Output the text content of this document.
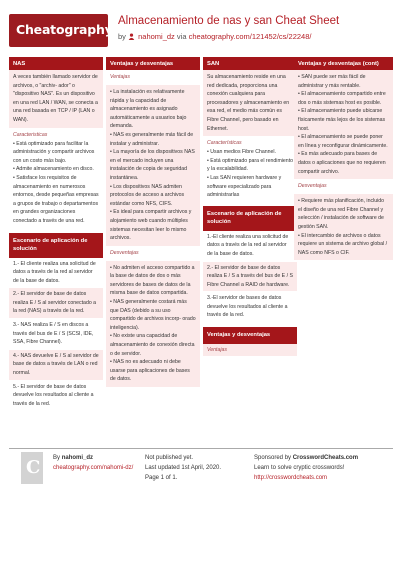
Cheatography
Almacenamiento de nas y san Cheat Sheet
by nahomi_dz via cheatography.com/121452/cs/22248/
NAS

A veces también llamado servidor de archivos, o "archiv- ador" o "dispositivo NAS". Es un dispositivo en una red LAN / WAN, se conecta a una red basada en TCP / IP (LAN o WAN).

Caracteristicas

• Está optimizado para facilitar la administración y compartir archivos con un costo más bajo.

• Admite almacenamiento en disco.

• Satisface los requisitos de almacenamiento en numerosos entornos, desde pequeñas empresas a grupos de trabajo o departamentos en grandes organizaciones conectado a través de una red.

Escenario de aplicación de solución
1.- El cliente realiza una solicitud de datos a través de la red al servidor de la base de datos.
2.- El servidor de base de datos realiza E / S al servidor conectado a la red (NAS) a través de la red.
3.- NAS realiza E / S en discos a través del bus de E / S (SCSI, IDE, SSA, Fibre Channel).
4.- NAS devuelve E / S al servidor de base de datos a través de LAN o red normal.
5.- El servidor de base de datos devuelve los resultados al cliente a través de la red.
Ventajas y desventajas
Ventajas

• La instalación es relativamente rápida y la capacidad de almacenamiento es asignado automáticamente a usuarios bajo demanda.

• NAS es generalmente más fácil de instalar y administrar.

• La mayoría de los dispositivos NAS en el mercado incluyen una instalación de copia de seguridad instantánea.

• Los dispositivos NAS admiten protocolos de acceso a archivos estándar como NFS, CIFS.

• Es ideal para compartir archivos y alojamiento web cuando múltiples sistemas necesitan leer lo mismo archivos.

Desventajas

• No admiten el acceso compartido a la base de datos de dos o más servidores de bases de datos de la misma base de datos compartida.

• NAS generalmente costará más que DAS (debido a su uso compartido de archivos incorp- orado inteligencia).

• No existe una capacidad de almacenamiento de conexión directa o de servidor.

• NAS no es adecuado ni debe usarse para aplicaciones de bases de datos.

SAN

Su almacenamiento reside en una red dedicada, proporciona una conexión cualquiera para procesadores y almacenamiento en esa red, el medio más común es Fibre Channel, pero basado en Ethernet.

Características

• Usan medios Fibre Channel.

• Está optimizado para el rendimiento y la escalabilidad.

• Las SAN requieren hardware y software especializado para administrarlas

Escenario de aplicación de solución
1.-El cliente realiza una solicitud de datos a través de la red al servidor de la base de datos.
2.- El servidor de base de datos realiza E / S a través del bus de E / S Fibre Channel a RAID de hardware.
3.-El servidor de bases de datos devuelve los resultados al cliente a través de la red.
Ventajas y desventajas
Ventajas
Ventajas y desventajas (cont)

• SAN puede ser más fácil de administrar y más rentable.

• El almacenamiento compartido entre dos o más sistemas host es posible.

• El almacenamiento puede ubicarse físicamente más lejos de los sistemas host.

• El almacenamiento se puede poner en línea y reconfigurar dinámicamente.

• Es más adecuado para bases de datos o aplicaciones que no requieren compartir archivo.

Desventajas

• Requiere más planificación, incluido el diseño de una red Fibre Channel y selección / instalación de software de gestión SAN.

• El intercambio de archivos o datos requiere un sistema de archivo global / NAS como NFS o CIF.

C By nahomi_dz
cheatography.com/nahomi-dz/
Not published yet.
Last updated 1st April, 2020.
Page 1 of 1.
Sponsored by CrosswordCheats.com
Learn to solve cryptic crosswords!
http://crosswordcheats.com
